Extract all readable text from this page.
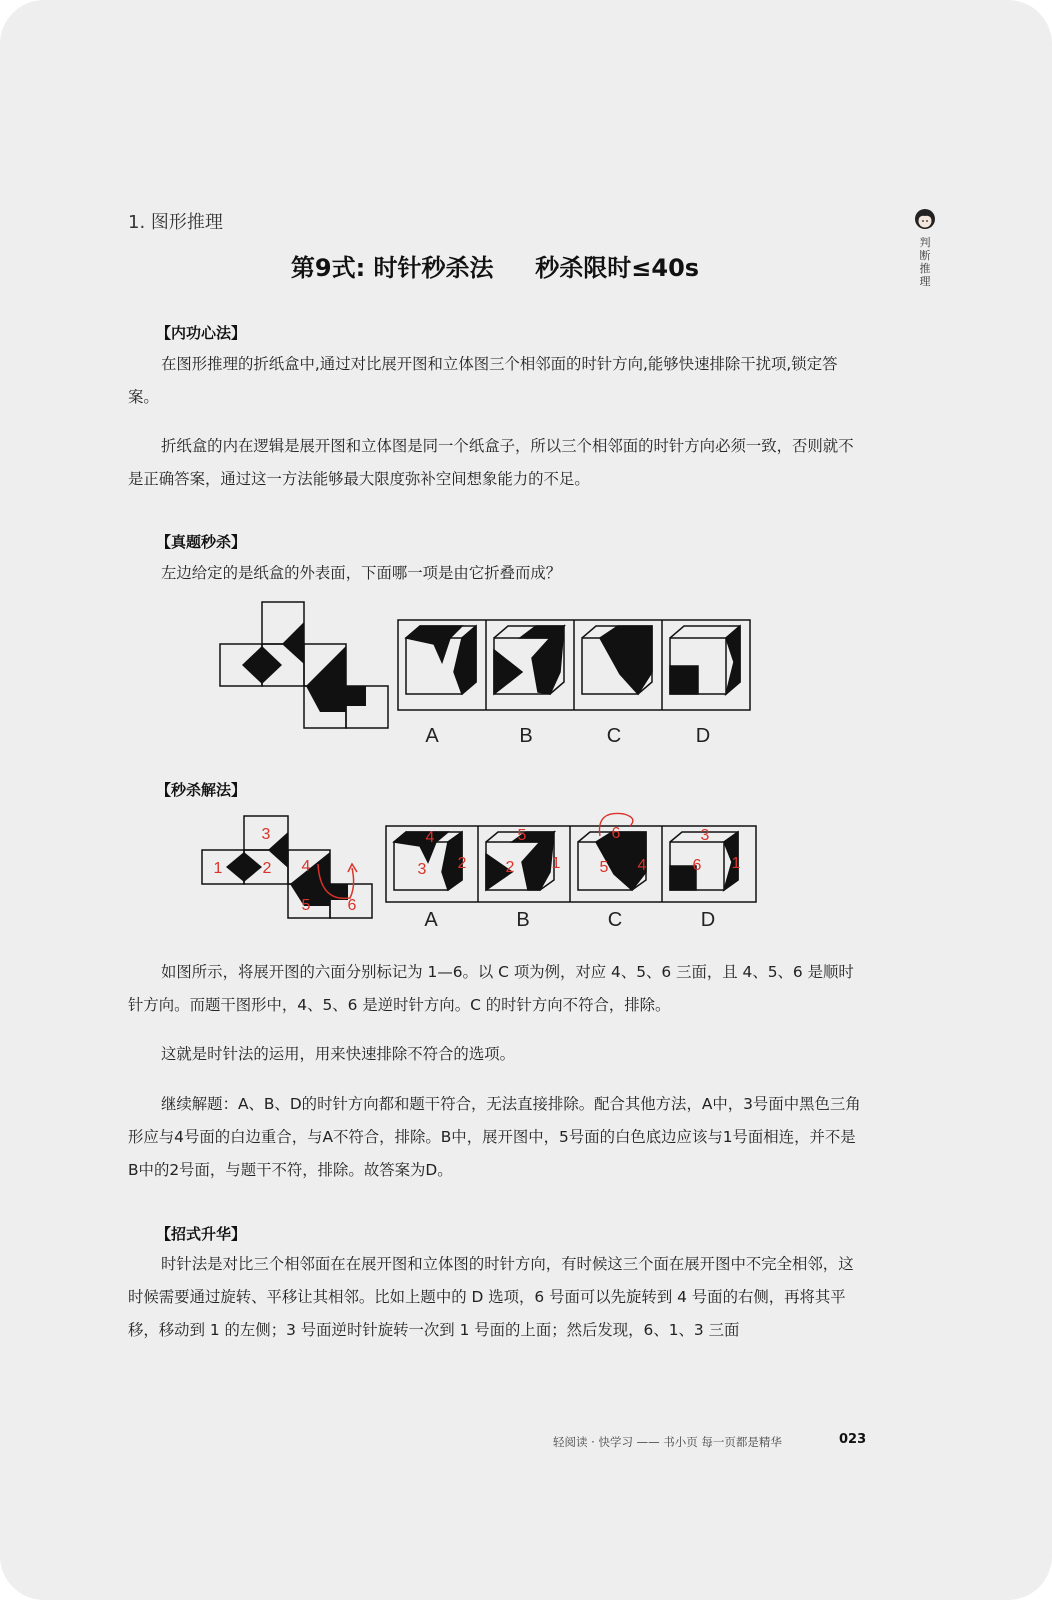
1. 图形推理
第9式: 时针秒杀法     秒杀限时≤40s
判
断
推
理
【内功心法】

在图形推理的折纸盒中,通过对比展开图和立体图三个相邻面的时针方向,能够快速排除干扰项,锁定答案。

折纸盒的内在逻辑是展开图和立体图是同一个纸盒子，所以三个相邻面的时针方向必须一致，否则就不是正确答案，通过这一方法能够最大限度弥补空间想象能力的不足。

【真题秒杀】

左边给定的是纸盒的外表面，下面哪一项是由它折叠而成？

A	B	C	D
【秒杀解法】
1	2
3
4
5 6
4
3 2
5
2 1
6
5 4
3
6 1
A	B	C	D

如图所示，将展开图的六面分别标记为 1—6。以 C 项为例，对应 4、5、6 三面，且 4、5、6 是顺时针方向。而题干图形中，4、5、6 是逆时针方向。C 的时针方向不符合，排除。

这就是时针法的运用，用来快速排除不符合的选项。

继续解题：A、B、D的时针方向都和题干符合，无法直接排除。配合其他方法，A中，3号面中黑色三角形应与4号面的白边重合，与A不符合，排除。B中，展开图中，5号面的白色底边应该与1号面相连，并不是B中的2号面，与题干不符，排除。故答案为D。

【招式升华】

时针法是对比三个相邻面在在展开图和立体图的时针方向，有时候这三个面在展开图中不完全相邻，这时候需要通过旋转、平移让其相邻。比如上题中的 D 选项，6 号面可以先旋转到 4 号面的右侧，再将其平移，移动到 1 的左侧；3 号面逆时针旋转一次到 1 号面的上面；然后发现，6、1、3 三面

轻阅读 · 快学习 —— 书小页 每一页都是精华	023
